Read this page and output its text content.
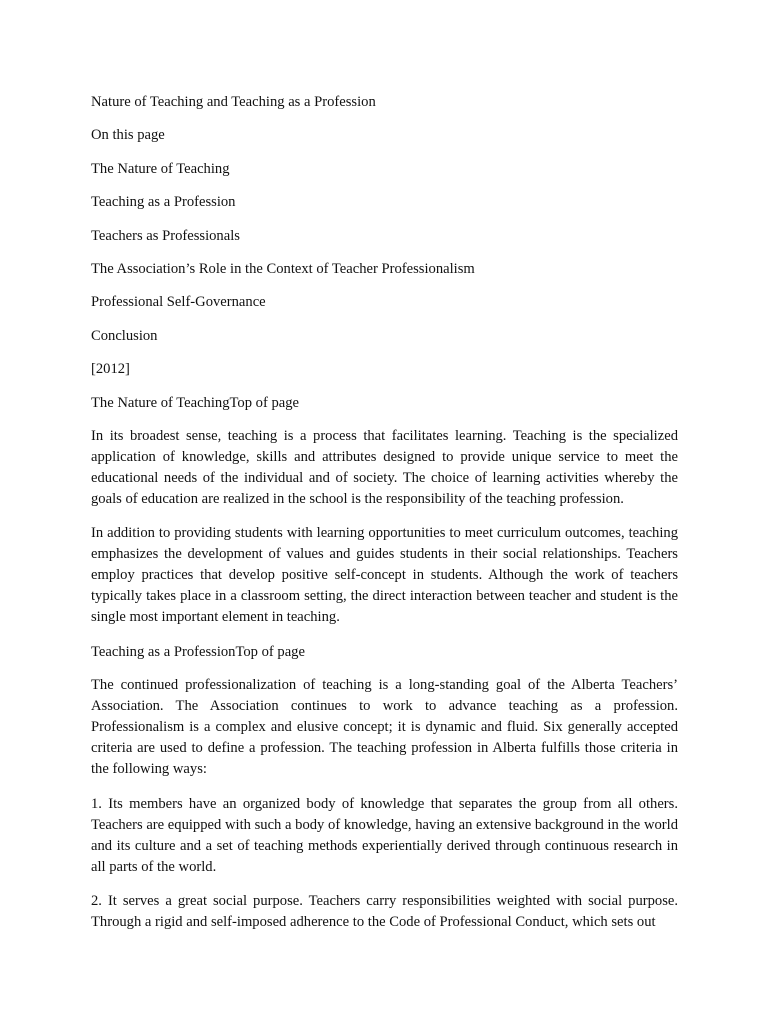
Nature of Teaching and Teaching as a Profession

On this page

The Nature of Teaching

Teaching as a Profession

Teachers as Professionals

The Association’s Role in the Context of Teacher Professionalism

Professional Self-Governance

Conclusion

[2012]

The Nature of TeachingTop of page

In its broadest sense, teaching is a process that facilitates learning. Teaching is the specialized application of knowledge, skills and attributes designed to provide unique service to meet the educational needs of the individual and of society. The choice of learning activities whereby the goals of education are realized in the school is the responsibility of the teaching profession.

In addition to providing students with learning opportunities to meet curriculum outcomes, teaching emphasizes the development of values and guides students in their social relationships. Teachers employ practices that develop positive self-concept in students. Although the work of teachers typically takes place in a classroom setting, the direct interaction between teacher and student is the single most important element in teaching.

Teaching as a ProfessionTop of page

The continued professionalization of teaching is a long-standing goal of the Alberta Teachers’ Association. The Association continues to work to advance teaching as a profession. Professionalism is a complex and elusive concept; it is dynamic and fluid. Six generally accepted criteria are used to define a profession. The teaching profession in Alberta fulfills those criteria in the following ways:

1. Its members have an organized body of knowledge that separates the group from all others. Teachers are equipped with such a body of knowledge, having an extensive background in the world and its culture and a set of teaching methods experientially derived through continuous research in all parts of the world.

2. It serves a great social purpose. Teachers carry responsibilities weighted with social purpose. Through a rigid and self-imposed adherence to the Code of Professional Conduct, which sets out
